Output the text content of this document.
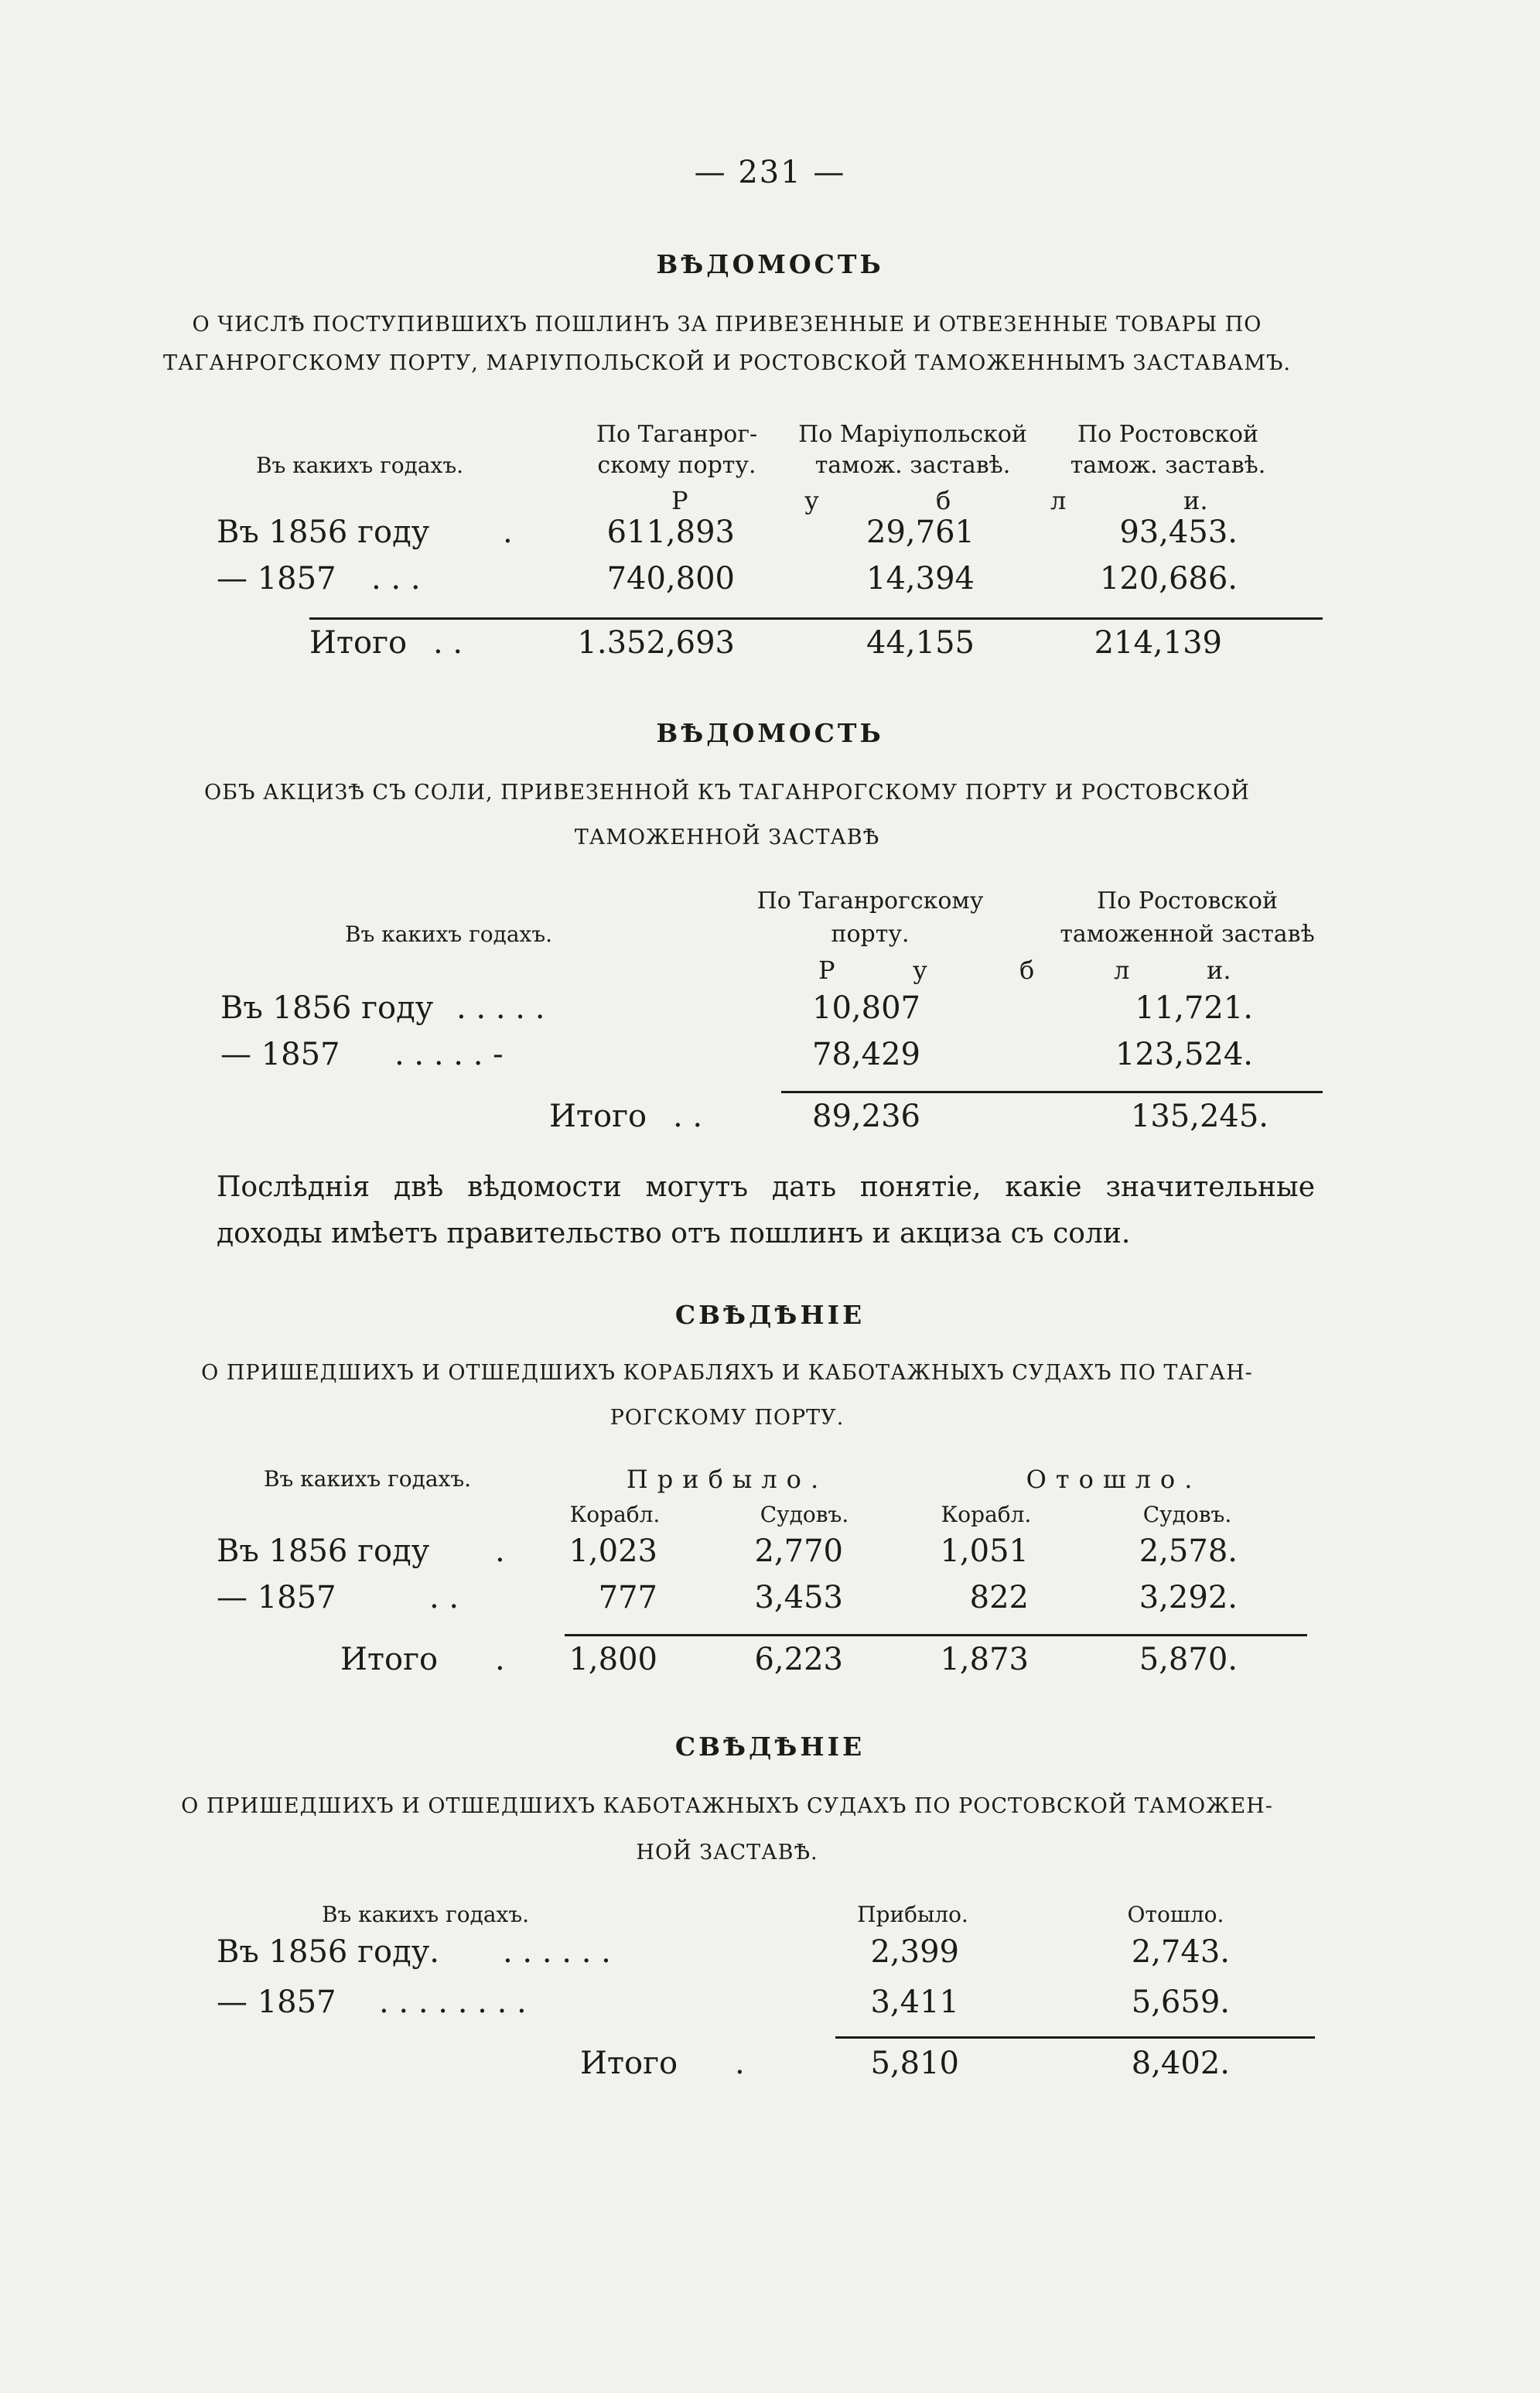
— 231 —
ВѢДОМОСТЬ
О ЧИСЛѢ ПОСТУПИВШИХЪ ПОШЛИНЪ ЗА ПРИВЕЗЕННЫЕ И ОТВЕЗЕННЫЕ ТОВАРЫ ПО ТАГАНРОГСКОМУ ПОРТУ, МАРІУПОЛЬСКОЙ И РОСТОВСКОЙ ТАМОЖЕННЫМЪ ЗАСТАВАМЪ.
Въ какихъ годахъ.
По Таганрог-
скому порту.
По Маріупольской
тамож. заставѣ.
По Ростовской
тамож. заставѣ.
Р	у	б	л	и.
Въ 1856 году .	611,893	29,761	93,453.
— 1857 . . .	740,800	14,394	120,686.
Итого . .	1.352,693	44,155	214,139
ВѢДОМОСТЬ
ОБЪ АКЦИЗѢ СЪ СОЛИ, ПРИВЕЗЕННОЙ КЪ ТАГАНРОГСКОМУ ПОРТУ И РОСТОВСКОЙ
ТАМОЖЕННОЙ ЗАСТАВѢ
Въ какихъ годахъ.
По Таганрогскому
порту.
По Ростовской
таможенной заставѣ
Р	у	б	л	и.
Въ 1856 году . . . . .	10,807	11,721.
— 1857 . . . . . -	78,429	123,524.
Итого . .	89,236	135,245.
Послѣднія двѣ вѣдомости могутъ дать понятіе, какіе значительные доходы имѣетъ правительство отъ пошлинъ и акциза съ соли.
СВѢДѢНІЕ
О ПРИШЕДШИХЪ И ОТШЕДШИХЪ КОРАБЛЯХЪ И КАБОТАЖНЫХЪ СУДАХЪ ПО ТАГАН-
РОГСКОМУ ПОРТУ.
Въ какихъ годахъ.	Прибыло.	Отошло.
Корабл.	Судовъ.	Корабл.	Судовъ.
Въ 1856 году .	1,023	2,770	1,051	2,578.
— 1857	. .	777	3,453	822	3,292.
Итого .	1,800	6,223	1,873	5,870.
СВѢДѢНІЕ
О ПРИШЕДШИХЪ И ОТШЕДШИХЪ КАБОТАЖНЫХЪ СУДАХЪ ПО РОСТОВСКОЙ ТАМОЖЕН-
НОЙ ЗАСТАВѢ.
Въ какихъ годахъ.	Прибыло.	Отошло.
Въ 1856 году. . . . . . .	2,399	2,743.
— 1857 . . . . . . . .	3,411	5,659.
Итого .	5,810	8,402.
